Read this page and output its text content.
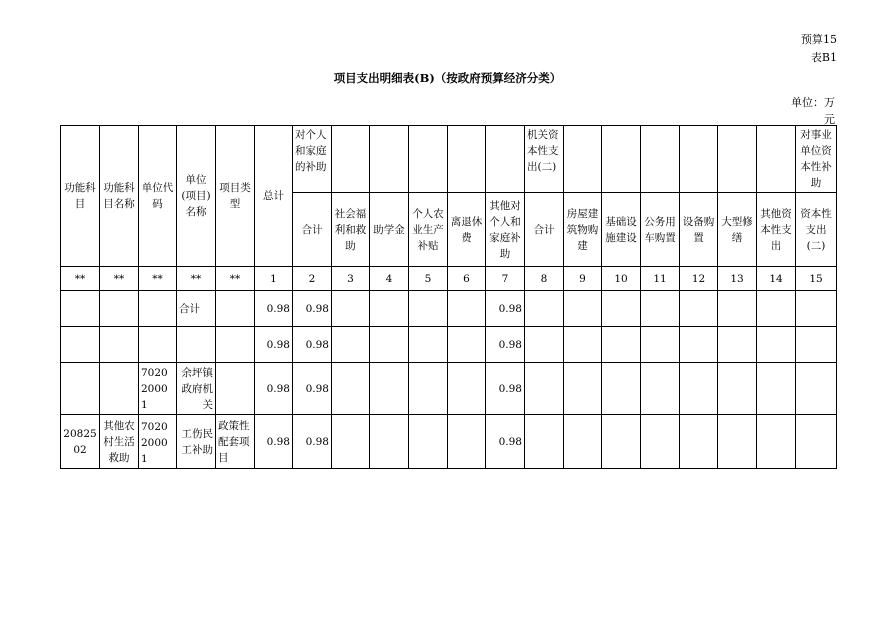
预算15
表B1
项目支出明细表(B)（按政府预算经济分类）
单位：万
元
功能科目	功能科目名称	单位代码	单位(项目)名称	项目类型	总计	对个人和家庭的补助						机关资本性支出(二)							对事业单位资本性补助
						合计	社会福利和救助	助学金	个人农业生产补贴	离退休费	其他对个人和家庭补助	合计	房屋建筑物购建	基础设施建设	公务用车购置	设备购置	大型修缮	其他资本性支出	资本性支出(二)
**	**	**	**	**	1	2	3	4	5	6	7	8	9	10	11	12	13	14	15
			合计		0.98	0.98					0.98								
					0.98	0.98					0.98								
		702020001	余坪镇政府机关		0.98	0.98					0.98								
2082502	其他农村生活救助	702020001	工伤民工补助	政策性配套项目	0.98	0.98					0.98								
